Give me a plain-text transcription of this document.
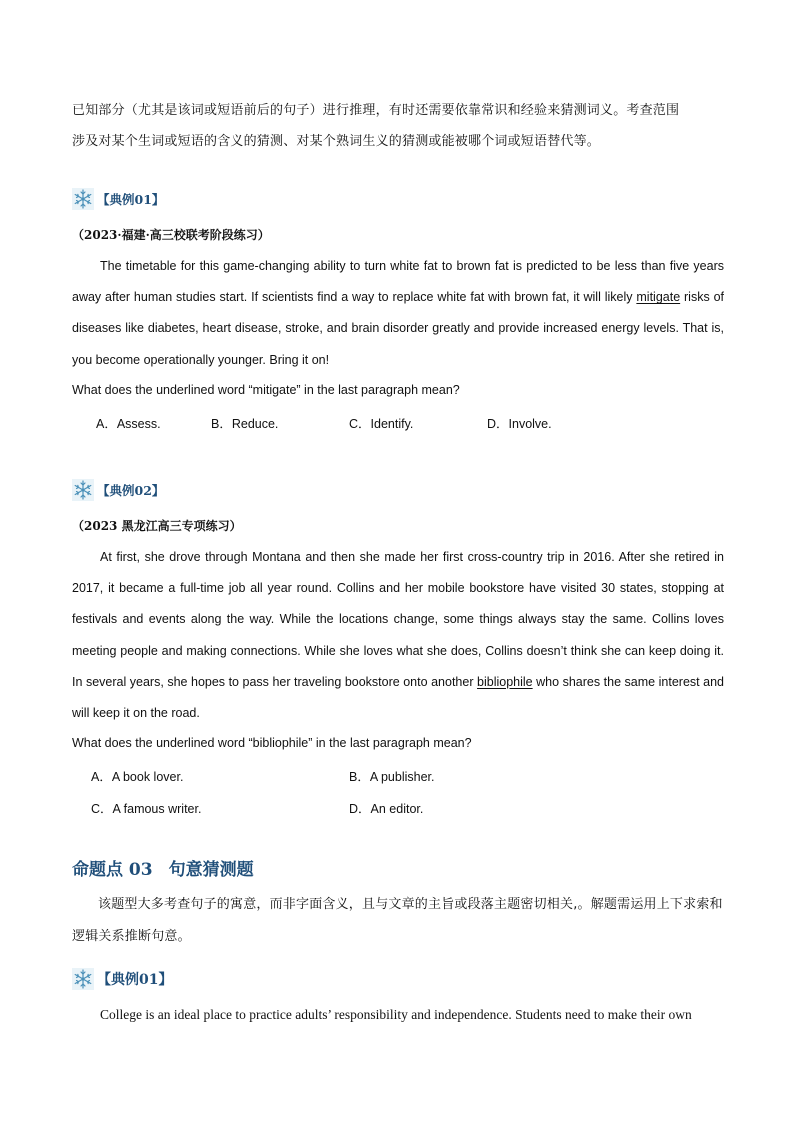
已知部分（尤其是该词或短语前后的句子）进行推理，有时还需要依靠常识和经验来猜测词义。考查范围
涉及对某个生词或短语的含义的猜测、对某个熟词生义的猜测或能被哪个词或短语替代等。
【典例01】
（2023·福建·高三校联考阶段练习）

The timetable for this game-changing ability to turn white fat to brown fat is predicted to be less than five years away after human studies start. If scientists find a way to replace white fat with brown fat, it will likely mitigate risks of diseases like diabetes, heart disease, stroke, and brain disorder greatly and provide increased energy levels. That is, you become operationally younger. Bring it on!

What does the underlined word “mitigate” in the last paragraph mean?
A．Assess.	B．Reduce.	C．Identify.	D．Involve.
【典例02】
（2023 黑龙江高三专项练习）

At first, she drove through Montana and then she made her first cross-country trip in 2016. After she retired in 2017, it became a full-time job all year round. Collins and her mobile bookstore have visited 30 states, stopping at festivals and events along the way. While the locations change, some things always stay the same. Collins loves meeting people and making connections. While she loves what she does, Collins doesn’t think she can keep doing it. In several years, she hopes to pass her traveling bookstore onto another bibliophile who shares the same interest and will keep it on the road.

What does the underlined word “bibliophile” in the last paragraph mean?
A．A book lover.	B．A publisher.
C．A famous writer.	D．An editor.
命题点 03 句意猜测题
该题型大多考查句子的寓意，而非字面含义，且与文章的主旨或段落主题密切相关,。解题需运用上下求索和逻辑关系推断句意。
【典例01】
College is an ideal place to practice adults’ responsibility and independence. Students need to make their own
